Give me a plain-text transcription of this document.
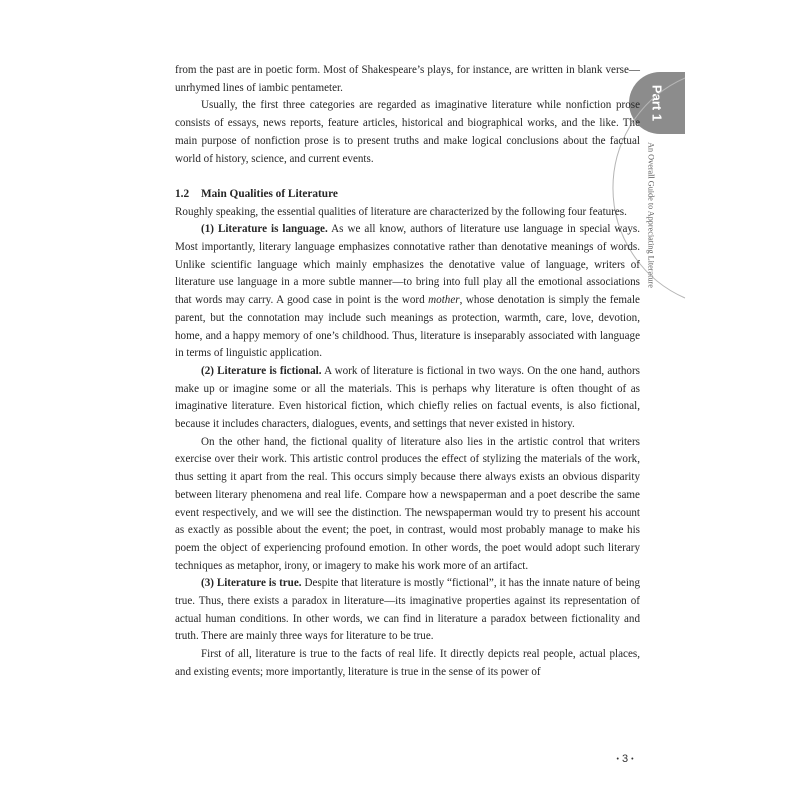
Part 1
An Overall Guide to Appreciating Literature

from the past are in poetic form. Most of Shakespeare’s plays, for instance, are written in blank verse—unrhymed lines of iambic pentameter.

Usually, the first three categories are regarded as imaginative literature while nonfiction prose consists of essays, news reports, feature articles, historical and biographical works, and the like. The main purpose of nonfiction prose is to present truths and make logical conclusions about the factual world of history, science, and current events.

1.2 Main Qualities of Literature

Roughly speaking, the essential qualities of literature are characterized by the following four features.

(1) Literature is language. As we all know, authors of literature use language in special ways. Most importantly, literary language emphasizes connotative rather than denotative meanings of words. Unlike scientific language which mainly emphasizes the denotative value of language, writers of literature use language in a more subtle manner—to bring into full play all the emotional associations that words may carry. A good case in point is the word mother, whose denotation is simply the female parent, but the connotation may include such meanings as protection, warmth, care, love, devotion, home, and a happy memory of one’s childhood. Thus, literature is inseparably associated with language in terms of linguistic application.

(2) Literature is fictional. A work of literature is fictional in two ways. On the one hand, authors make up or imagine some or all the materials. This is perhaps why literature is often thought of as imaginative literature. Even historical fiction, which chiefly relies on factual events, is also fictional, because it includes characters, dialogues, events, and settings that never existed in history.

On the other hand, the fictional quality of literature also lies in the artistic control that writers exercise over their work. This artistic control produces the effect of stylizing the materials of the work, thus setting it apart from the real. This occurs simply because there always exists an obvious disparity between literary phenomena and real life. Compare how a newspaperman and a poet describe the same event respectively, and we will see the distinction. The newspaperman would try to present his account as exactly as possible about the event; the poet, in contrast, would most probably manage to make his poem the object of experiencing profound emotion. In other words, the poet would adopt such literary techniques as metaphor, irony, or imagery to make his work more of an artifact.

(3) Literature is true. Despite that literature is mostly “fictional”, it has the innate nature of being true. Thus, there exists a paradox in literature—its imaginative properties against its representation of actual human conditions. In other words, we can find in literature a paradox between fictionality and truth. There are mainly three ways for literature to be true.

First of all, literature is true to the facts of real life. It directly depicts real people, actual places, and existing events; more importantly, literature is true in the sense of its power of

• 3 •
